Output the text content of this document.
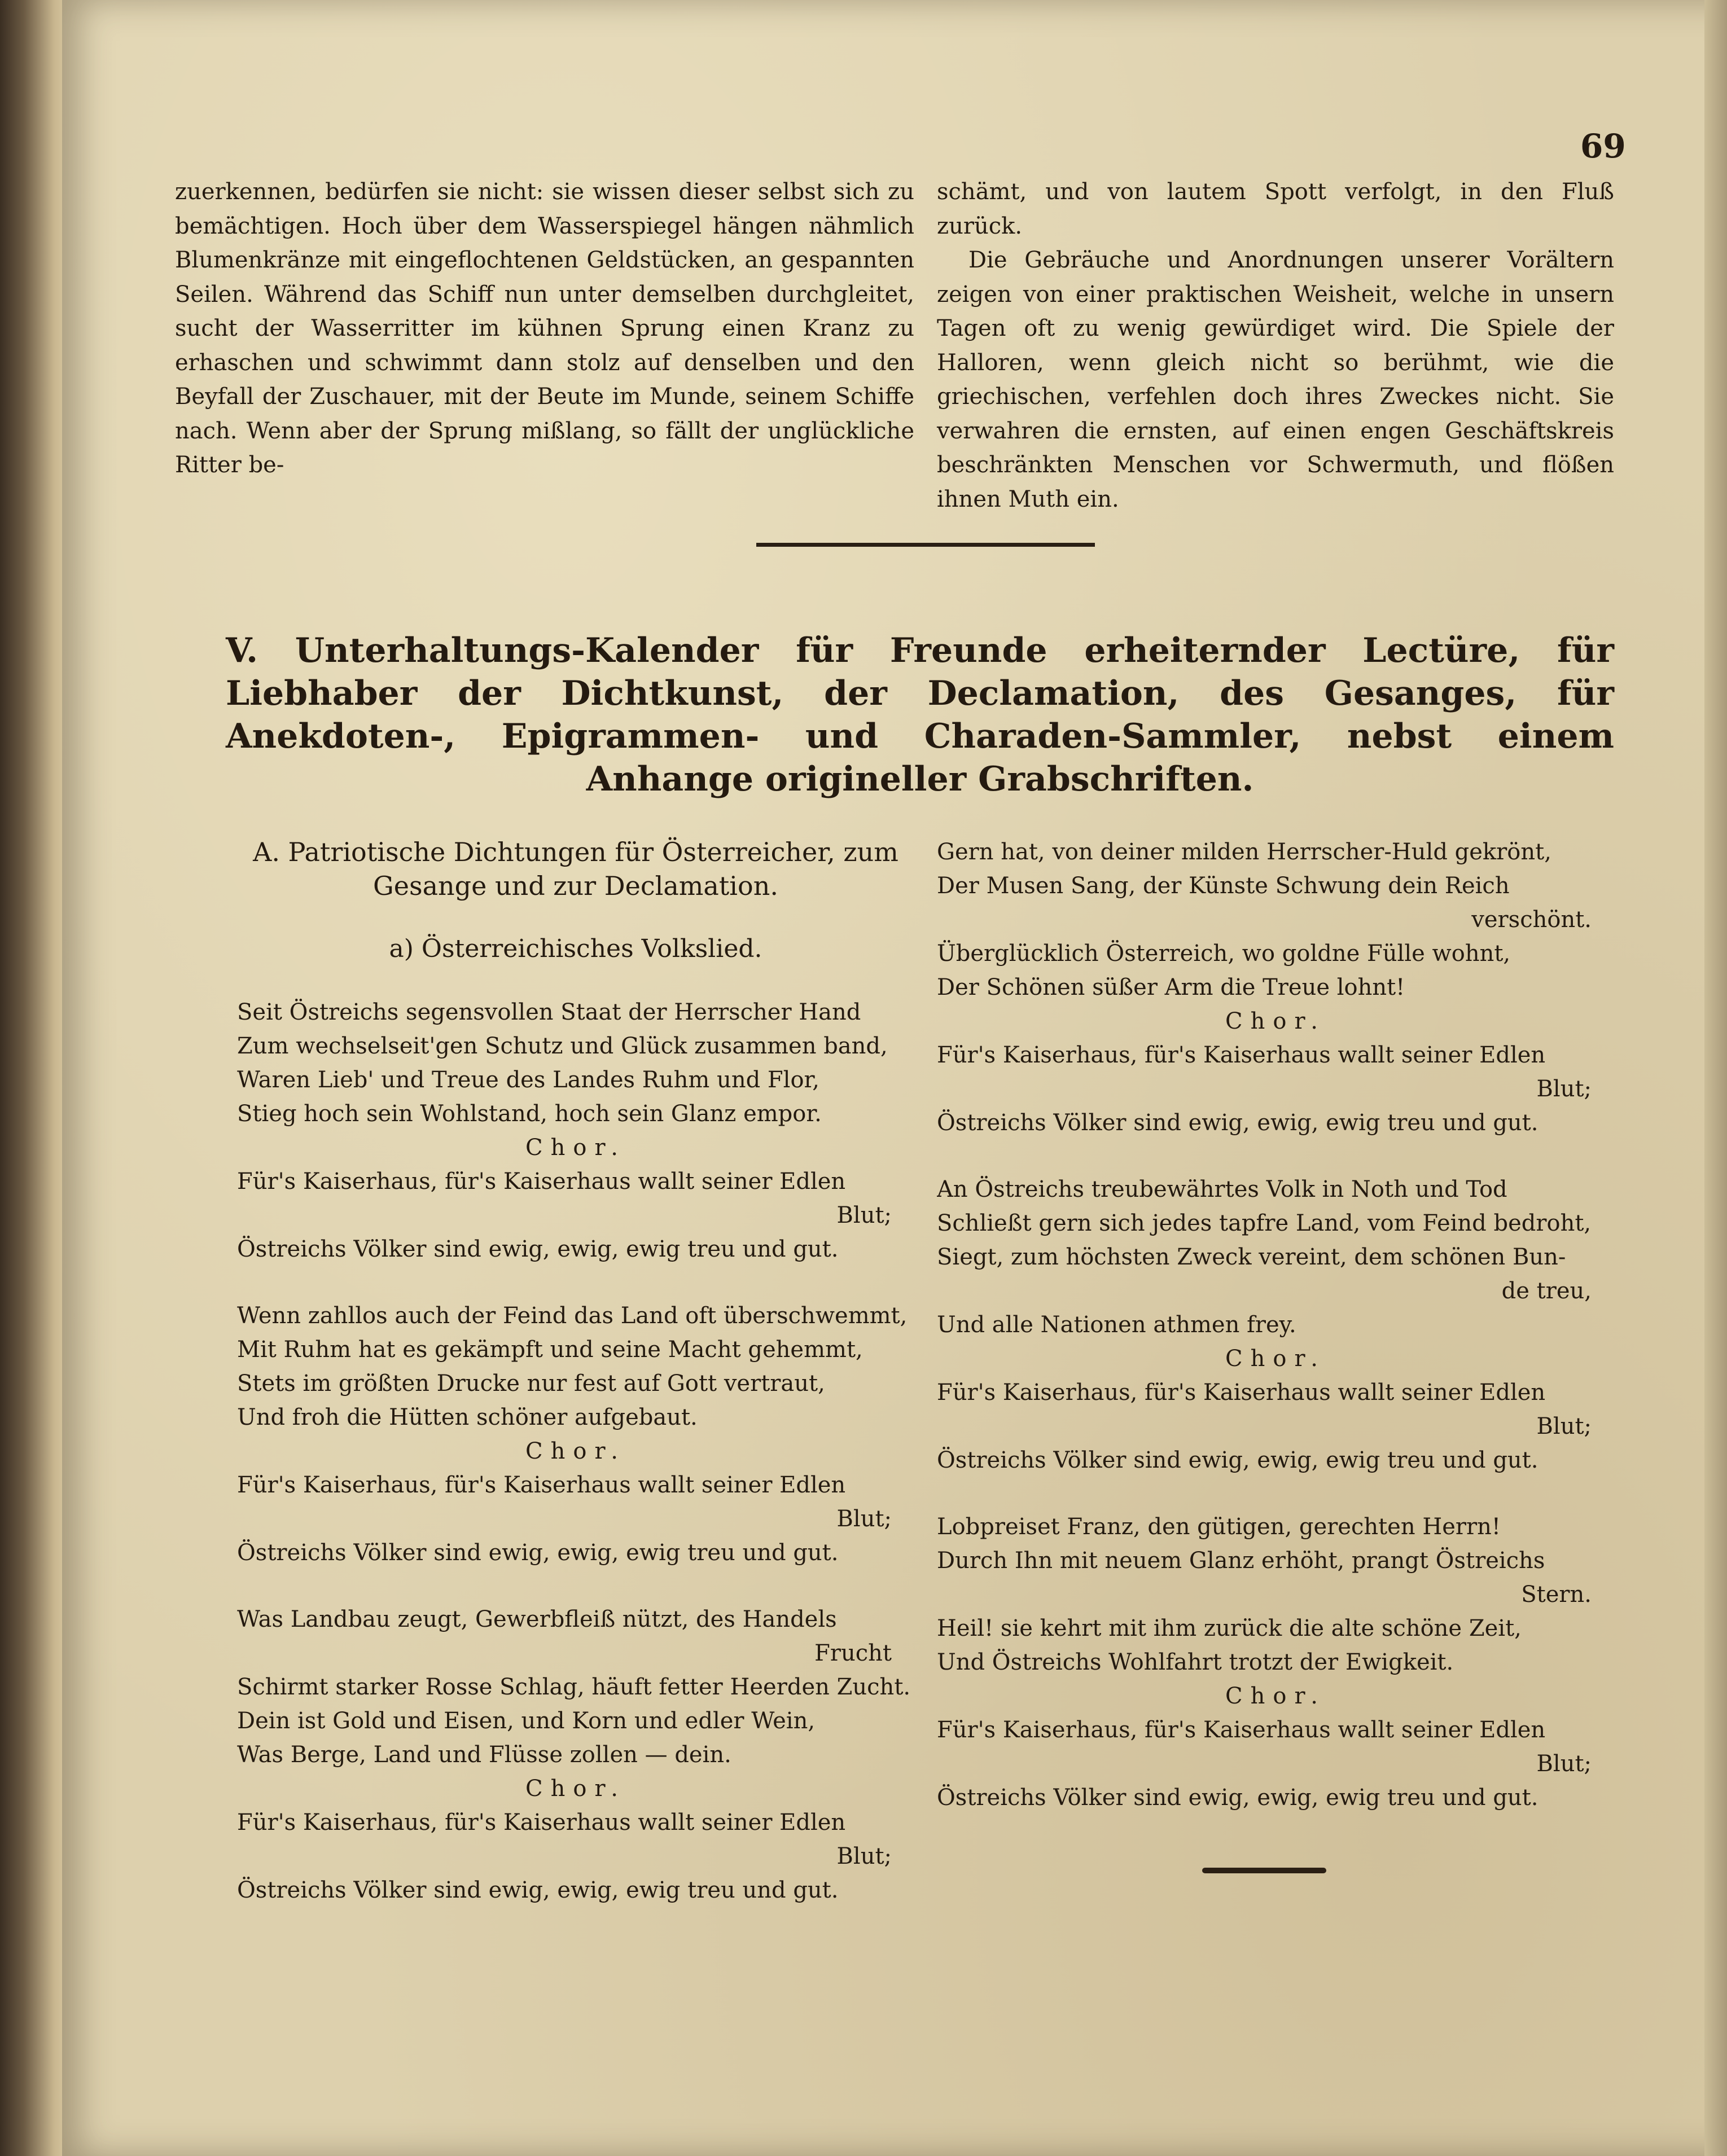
69

zuerkennen, bedürfen sie nicht: sie wissen dieser selbst sich zu bemächtigen. Hoch über dem Wasserspiegel hängen nähmlich Blumenkränze mit eingeflochtenen Geldstücken, an gespannten Seilen. Während das Schiff nun unter demselben durchgleitet, sucht der Wasserritter im kühnen Sprung einen Kranz zu erhaschen und schwimmt dann stolz auf denselben und den Beyfall der Zuschauer, mit der Beute im Munde, seinem Schiffe nach. Wenn aber der Sprung mißlang, so fällt der unglückliche Ritter be-

schämt, und von lautem Spott verfolgt, in den Fluß zurück.

Die Gebräuche und Anordnungen unserer Vorältern zeigen von einer praktischen Weisheit, welche in unsern Tagen oft zu wenig gewürdiget wird. Die Spiele der Halloren, wenn gleich nicht so berühmt, wie die griechischen, verfehlen doch ihres Zweckes nicht. Sie verwahren die ernsten, auf einen engen Geschäftskreis beschränkten Menschen vor Schwermuth, und flößen ihnen Muth ein.

V. Unterhaltungs-Kalender für Freunde erheiternder Lectüre, für Liebhaber der Dichtkunst, der Declamation, des Gesanges, für Anekdoten-, Epigrammen- und Charaden-Sammler, nebst einem Anhange origineller Grabschriften.
A. Patriotische Dichtungen für Österreicher, zum Gesange und zur Declamation.
a) Österreichisches Volkslied.

Seit Östreichs segensvollen Staat der Herrscher Hand

Zum wechselseit'gen Schutz und Glück zusammen band,

Waren Lieb' und Treue des Landes Ruhm und Flor,

Stieg hoch sein Wohlstand, hoch sein Glanz empor.

Chor.

Für's Kaiserhaus, für's Kaiserhaus wallt seiner Edlen

Blut;

Östreichs Völker sind ewig, ewig, ewig treu und gut.

Wenn zahllos auch der Feind das Land oft überschwemmt,

Mit Ruhm hat es gekämpft und seine Macht gehemmt,

Stets im größten Drucke nur fest auf Gott vertraut,

Und froh die Hütten schöner aufgebaut.

Chor.

Für's Kaiserhaus, für's Kaiserhaus wallt seiner Edlen

Blut;

Östreichs Völker sind ewig, ewig, ewig treu und gut.

Was Landbau zeugt, Gewerbfleiß nützt, des Handels

Frucht

Schirmt starker Rosse Schlag, häuft fetter Heerden Zucht.

Dein ist Gold und Eisen, und Korn und edler Wein,

Was Berge, Land und Flüsse zollen — dein.

Chor.

Für's Kaiserhaus, für's Kaiserhaus wallt seiner Edlen

Blut;

Östreichs Völker sind ewig, ewig, ewig treu und gut.

Gern hat, von deiner milden Herrscher-Huld gekrönt,

Der Musen Sang, der Künste Schwung dein Reich

verschönt.

Überglücklich Österreich, wo goldne Fülle wohnt,

Der Schönen süßer Arm die Treue lohnt!

Chor.

Für's Kaiserhaus, für's Kaiserhaus wallt seiner Edlen

Blut;

Östreichs Völker sind ewig, ewig, ewig treu und gut.

An Östreichs treubewährtes Volk in Noth und Tod

Schließt gern sich jedes tapfre Land, vom Feind bedroht,

Siegt, zum höchsten Zweck vereint, dem schönen Bun-

de treu,

Und alle Nationen athmen frey.

Chor.

Für's Kaiserhaus, für's Kaiserhaus wallt seiner Edlen

Blut;

Östreichs Völker sind ewig, ewig, ewig treu und gut.

Lobpreiset Franz, den gütigen, gerechten Herrn!

Durch Ihn mit neuem Glanz erhöht, prangt Östreichs

Stern.

Heil! sie kehrt mit ihm zurück die alte schöne Zeit,

Und Östreichs Wohlfahrt trotzt der Ewigkeit.

Chor.

Für's Kaiserhaus, für's Kaiserhaus wallt seiner Edlen

Blut;

Östreichs Völker sind ewig, ewig, ewig treu und gut.
